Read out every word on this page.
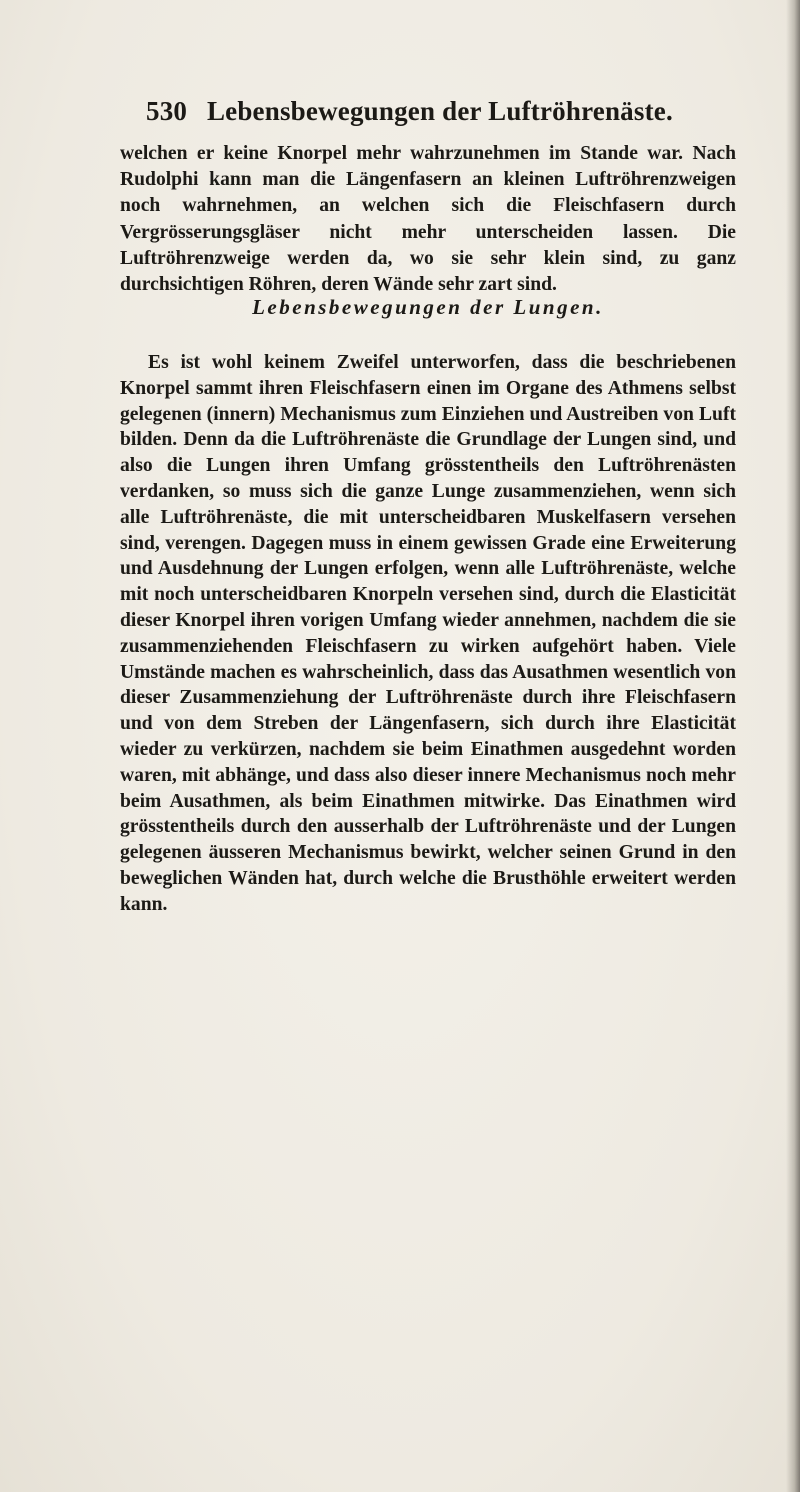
530 Lebensbewegungen der Luftröhrenäste.
welchen er keine Knorpel mehr wahrzunehmen im Stande war. Nach Rudolphi kann man die Längenfasern an kleinen Luftröhrenzweigen noch wahrnehmen, an welchen sich die Fleischfasern durch Vergrösserungsgläser nicht mehr unterscheiden lassen. Die Luftröhrenzweige werden da, wo sie sehr klein sind, zu ganz durchsichtigen Röhren, deren Wände sehr zart sind.
Lebensbewegungen der Lungen.
Es ist wohl keinem Zweifel unterworfen, dass die beschriebenen Knorpel sammt ihren Fleischfasern einen im Organe des Athmens selbst gelegenen (innern) Mechanismus zum Einziehen und Austreiben von Luft bilden. Denn da die Luftröhrenäste die Grundlage der Lungen sind, und also die Lungen ihren Umfang grösstentheils den Luftröhrenästen verdanken, so muss sich die ganze Lunge zusammenziehen, wenn sich alle Luftröhrenäste, die mit unterscheidbaren Muskelfasern versehen sind, verengen. Dagegen muss in einem gewissen Grade eine Erweiterung und Ausdehnung der Lungen erfolgen, wenn alle Luftröhrenäste, welche mit noch unterscheidbaren Knorpeln versehen sind, durch die Elasticität dieser Knorpel ihren vorigen Umfang wieder annehmen, nachdem die sie zusammenziehenden Fleischfasern zu wirken aufgehört haben. Viele Umstände machen es wahrscheinlich, dass das Ausathmen wesentlich von dieser Zusammenziehung der Luftröhrenäste durch ihre Fleischfasern und von dem Streben der Längenfasern, sich durch ihre Elasticität wieder zu verkürzen, nachdem sie beim Einathmen ausgedehnt worden waren, mit abhänge, und dass also dieser innere Mechanismus noch mehr beim Ausathmen, als beim Einathmen mitwirke. Das Einathmen wird grösstentheils durch den ausserhalb der Luftröhrenäste und der Lungen gelegenen äusseren Mechanismus bewirkt, welcher seinen Grund in den beweglichen Wänden hat, durch welche die Brusthöhle erweitert werden kann.
